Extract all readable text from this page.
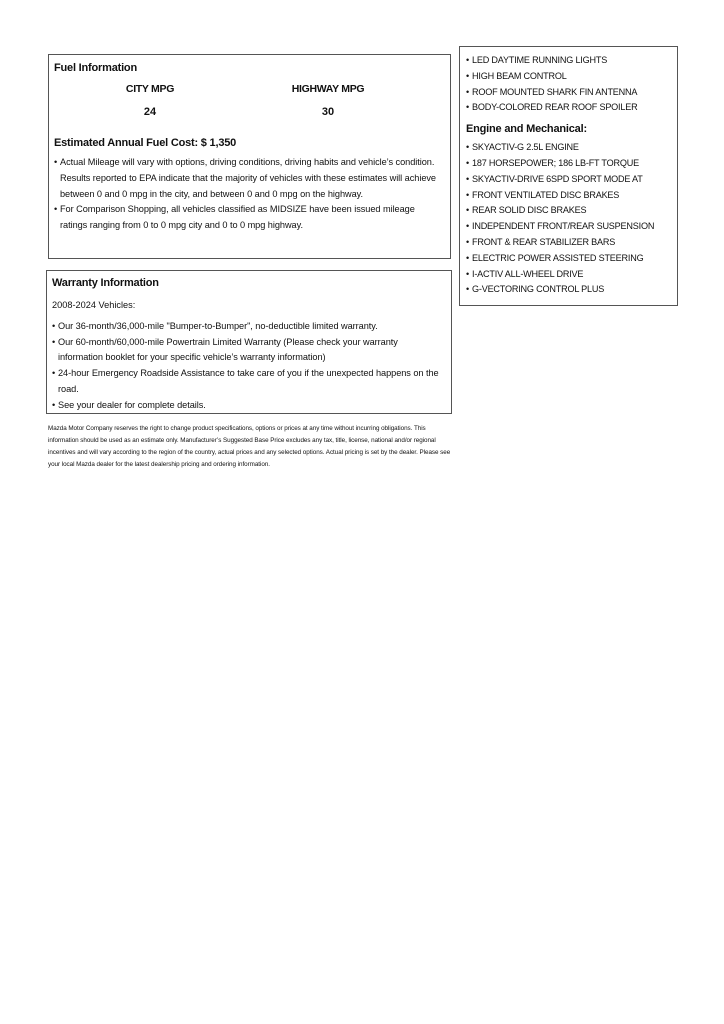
Fuel Information
CITY MPG
24
HIGHWAY MPG
30
Estimated Annual Fuel Cost: $ 1,350
• Actual Mileage will vary with options, driving conditions, driving habits and vehicle’s condition. Results reported to EPA indicate that the majority of vehicles with these estimates will achieve between 0 and 0 mpg in the city, and between 0 and 0 mpg on the highway.
• For Comparison Shopping, all vehicles classified as MIDSIZE have been issued mileage ratings ranging from 0 to 0 mpg city and 0 to 0 mpg highway.
Warranty Information
2008-2024 Vehicles:
• Our 36-month/36,000-mile "Bumper-to-Bumper", no-deductible limited warranty.
• Our 60-month/60,000-mile Powertrain Limited Warranty (Please check your warranty information booklet for your specific vehicle’s warranty information)
• 24-hour Emergency Roadside Assistance to take care of you if the unexpected happens on the road.
• See your dealer for complete details.
• LED DAYTIME RUNNING LIGHTS
• HIGH BEAM CONTROL
• ROOF MOUNTED SHARK FIN ANTENNA
• BODY-COLORED REAR ROOF SPOILER
Engine and Mechanical:
• SKYACTIV-G 2.5L ENGINE
• 187 HORSEPOWER; 186 LB-FT TORQUE
• SKYACTIV-DRIVE 6SPD SPORT MODE AT
• FRONT VENTILATED DISC BRAKES
• REAR SOLID DISC BRAKES
• INDEPENDENT FRONT/REAR SUSPENSION
• FRONT & REAR STABILIZER BARS
• ELECTRIC POWER ASSISTED STEERING
• I-ACTIV ALL-WHEEL DRIVE
• G-VECTORING CONTROL PLUS
Mazda Motor Company reserves the right to change product specifications, options or prices at any time without incurring obligations. This information should be used as an estimate only. Manufacturer’s Suggested Base Price excludes any tax, title, license, national and/or regional incentives and will vary according to the region of the country, actual prices and any selected options. Actual pricing is set by the dealer. Please see your local Mazda dealer for the latest dealership pricing and ordering information.
